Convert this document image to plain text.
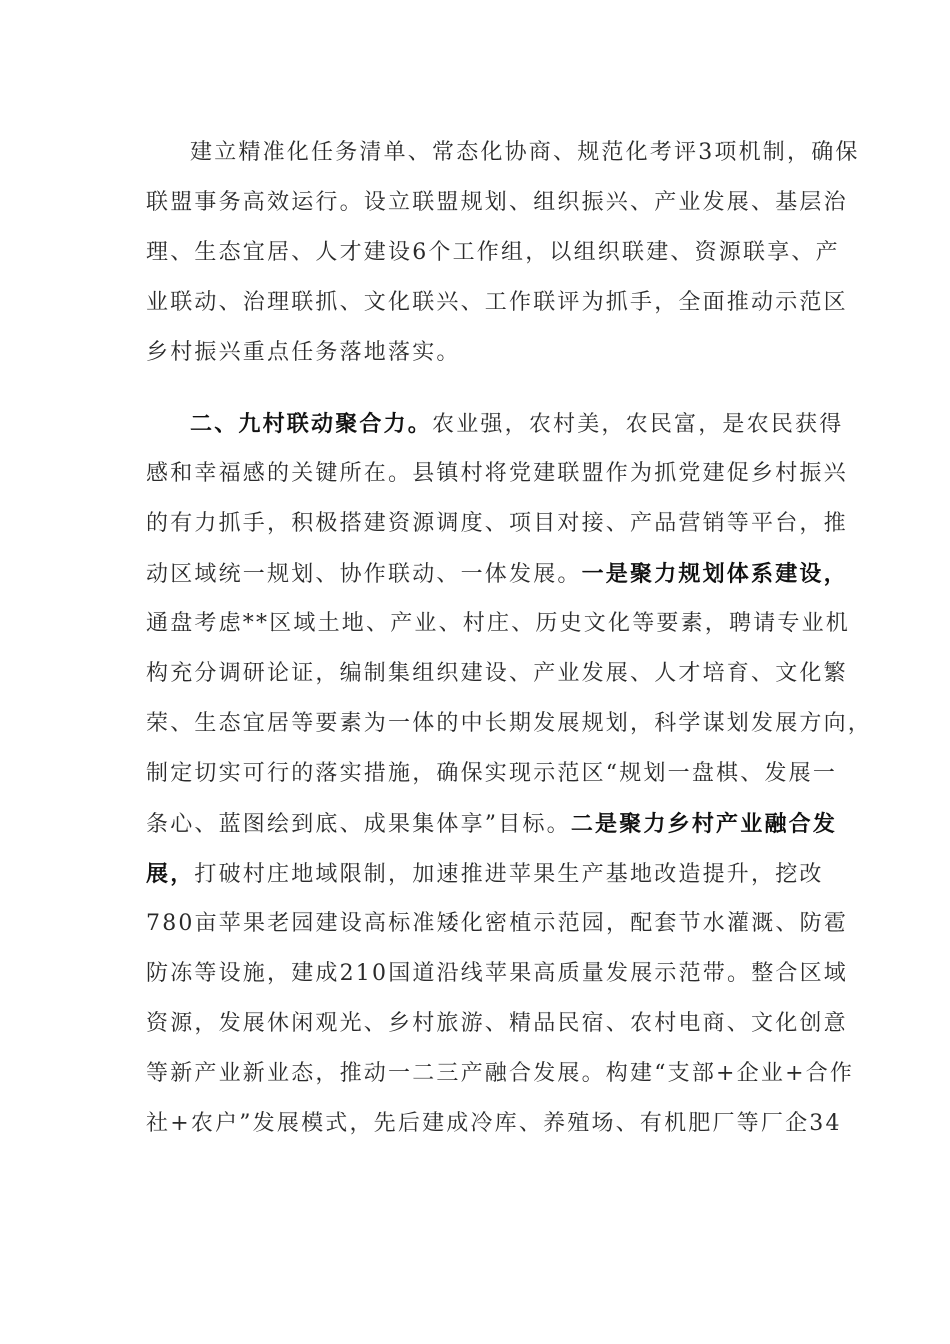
建立精准化任务清单、常态化协商、规范化考评3项机制，确保
联盟事务高效运行。设立联盟规划、组织振兴、产业发展、基层治
理、生态宜居、人才建设6个工作组，以组织联建、资源联享、产
业联动、治理联抓、文化联兴、工作联评为抓手，全面推动示范区
乡村振兴重点任务落地落实。
二、九村联动聚合力。农业强，农村美，农民富，是农民获得
感和幸福感的关键所在。县镇村将党建联盟作为抓党建促乡村振兴
的有力抓手，积极搭建资源调度、项目对接、产品营销等平台，推
动区域统一规划、协作联动、一体发展。一是聚力规划体系建设，
通盘考虑**区域土地、产业、村庄、历史文化等要素，聘请专业机
构充分调研论证，编制集组织建设、产业发展、人才培育、文化繁
荣、生态宜居等要素为一体的中长期发展规划，科学谋划发展方向，
制定切实可行的落实措施，确保实现示范区“规划一盘棋、发展一
条心、蓝图绘到底、成果集体享”目标。二是聚力乡村产业融合发
展，打破村庄地域限制，加速推进苹果生产基地改造提升，挖改
780亩苹果老园建设高标准矮化密植示范园，配套节水灌溉、防雹
防冻等设施，建成210国道沿线苹果高质量发展示范带。整合区域
资源，发展休闲观光、乡村旅游、精品民宿、农村电商、文化创意
等新产业新业态，推动一二三产融合发展。构建“支部+企业+合作
社+农户”发展模式，先后建成冷库、养殖场、有机肥厂等厂企34
